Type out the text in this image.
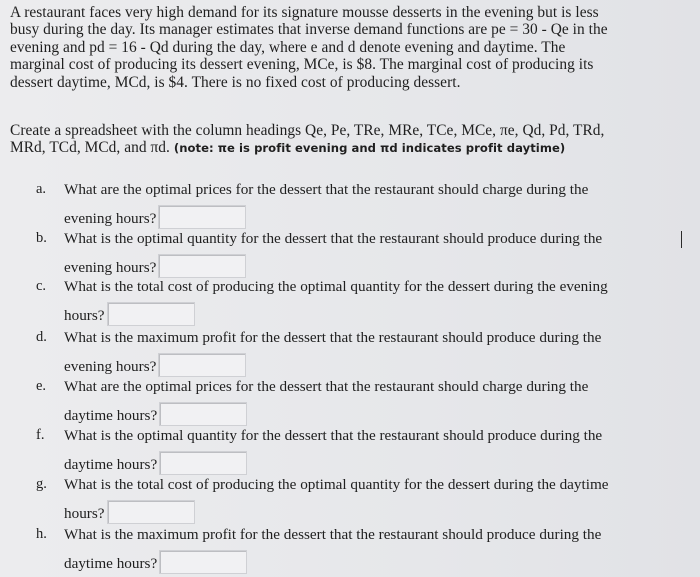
A restaurant faces very high demand for its signature mousse desserts in the evening but is less
busy during the day. Its manager estimates that inverse demand functions are pe = 30 - Qe in the
evening and pd = 16 - Qd during the day, where e and d denote evening and daytime. The
marginal cost of producing its dessert evening, MCe, is $8. The marginal cost of producing its
dessert daytime, MCd, is $4. There is no fixed cost of producing dessert.
Create a spreadsheet with the column headings Qe, Pe, TRe, MRe, TCe, MCe, πe, Qd, Pd, TRd,
MRd, TCd, MCd, and πd. (note: πe is profit evening and πd indicates profit daytime)
a.	What are the optimal prices for the dessert that the restaurant should charge during the
evening hours?
b.	What is the optimal quantity for the dessert that the restaurant should produce during the
evening hours?
c.	What is the total cost of producing the optimal quantity for the dessert during the evening
hours?
d.	What is the maximum profit for the dessert that the restaurant should produce during the
evening hours?
e.	What are the optimal prices for the dessert that the restaurant should charge during the
daytime hours?
f.	What is the optimal quantity for the dessert that the restaurant should produce during the
daytime hours?
g.	What is the total cost of producing the optimal quantity for the dessert during the daytime
hours?
h.	What is the maximum profit for the dessert that the restaurant should produce during the
daytime hours?
